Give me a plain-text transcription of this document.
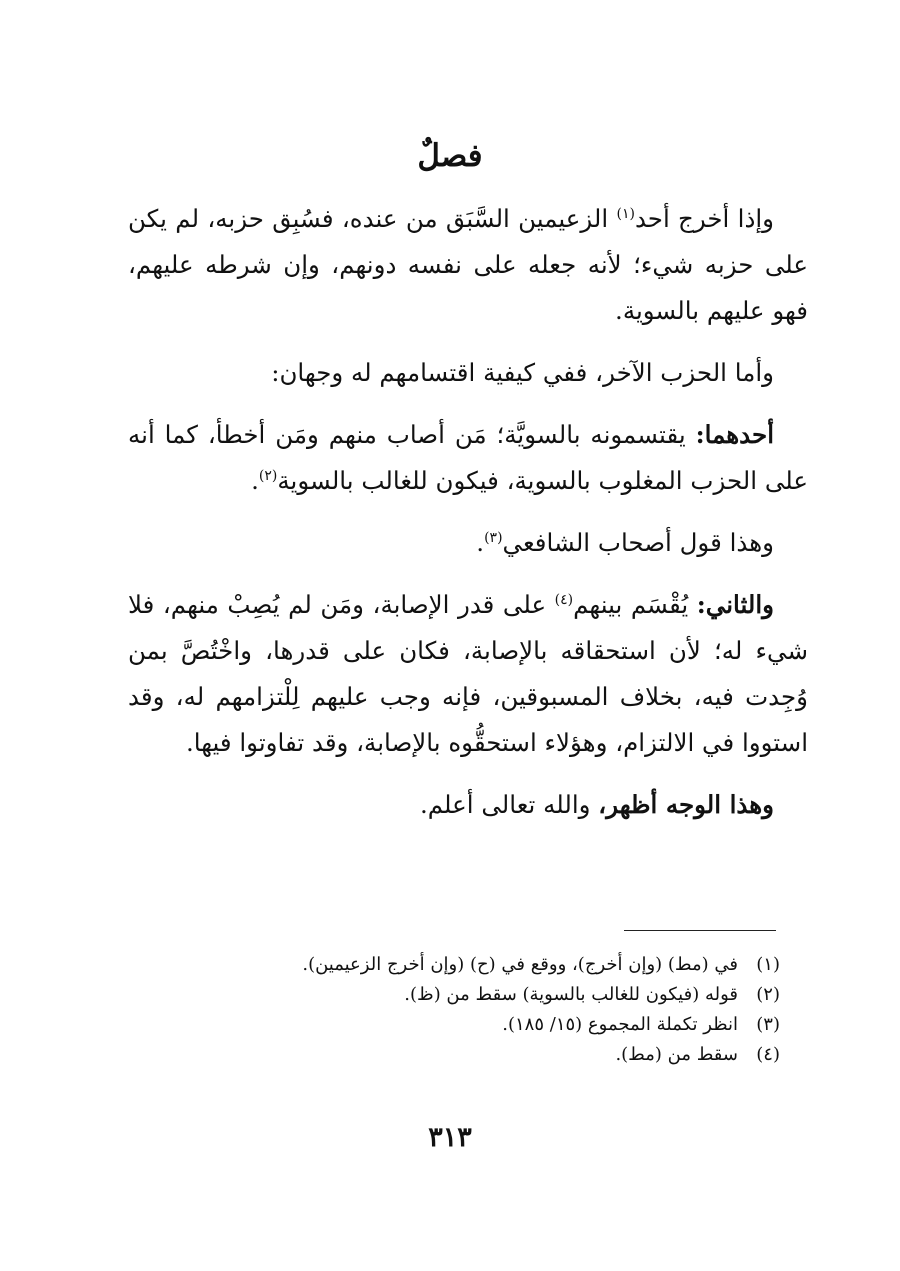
فصلٌ

وإذا أخرج أحد$^{(١)}$ الزعيمين السَّبَق من عنده، فسُبِق حزبه، لم يكن على حزبه شيء؛ لأنه جعله على نفسه دونهم، وإن شرطه عليهم، فهو عليهم بالسوية.

وأما الحزب الآخر، ففي كيفية اقتسامهم له وجهان:

أحدهما: يقتسمونه بالسويَّة؛ مَن أصاب منهم ومَن أخطأ، كما أنه على الحزب المغلوب بالسوية، فيكون للغالب بالسوية$^{(٢)}$.

وهذا قول أصحاب الشافعي$^{(٣)}$.

والثاني: يُقْسَم بينهم$^{(٤)}$ على قدر الإصابة، ومَن لم يُصِبْ منهم، فلا شيء له؛ لأن استحقاقه بالإصابة، فكان على قدرها، واخْتُصَّ بمن وُجِدت فيه، بخلاف المسبوقين، فإنه وجب عليهم لِلْتزامهم له، وقد استووا في الالتزام، وهؤلاء استحقُّوه بالإصابة، وقد تفاوتوا فيها.

وهذا الوجه أظهر، والله تعالى أعلم.

(١)
في (مط) (وإن أخرج)، ووقع في (ح) (وإن أخرج الزعيمين).
(٢)
قوله (فيكون للغالب بالسوية) سقط من (ظ).
(٣)
انظر تكملة المجموع (١٥/ ١٨٥).
(٤)
سقط من (مط).
٣١٣
